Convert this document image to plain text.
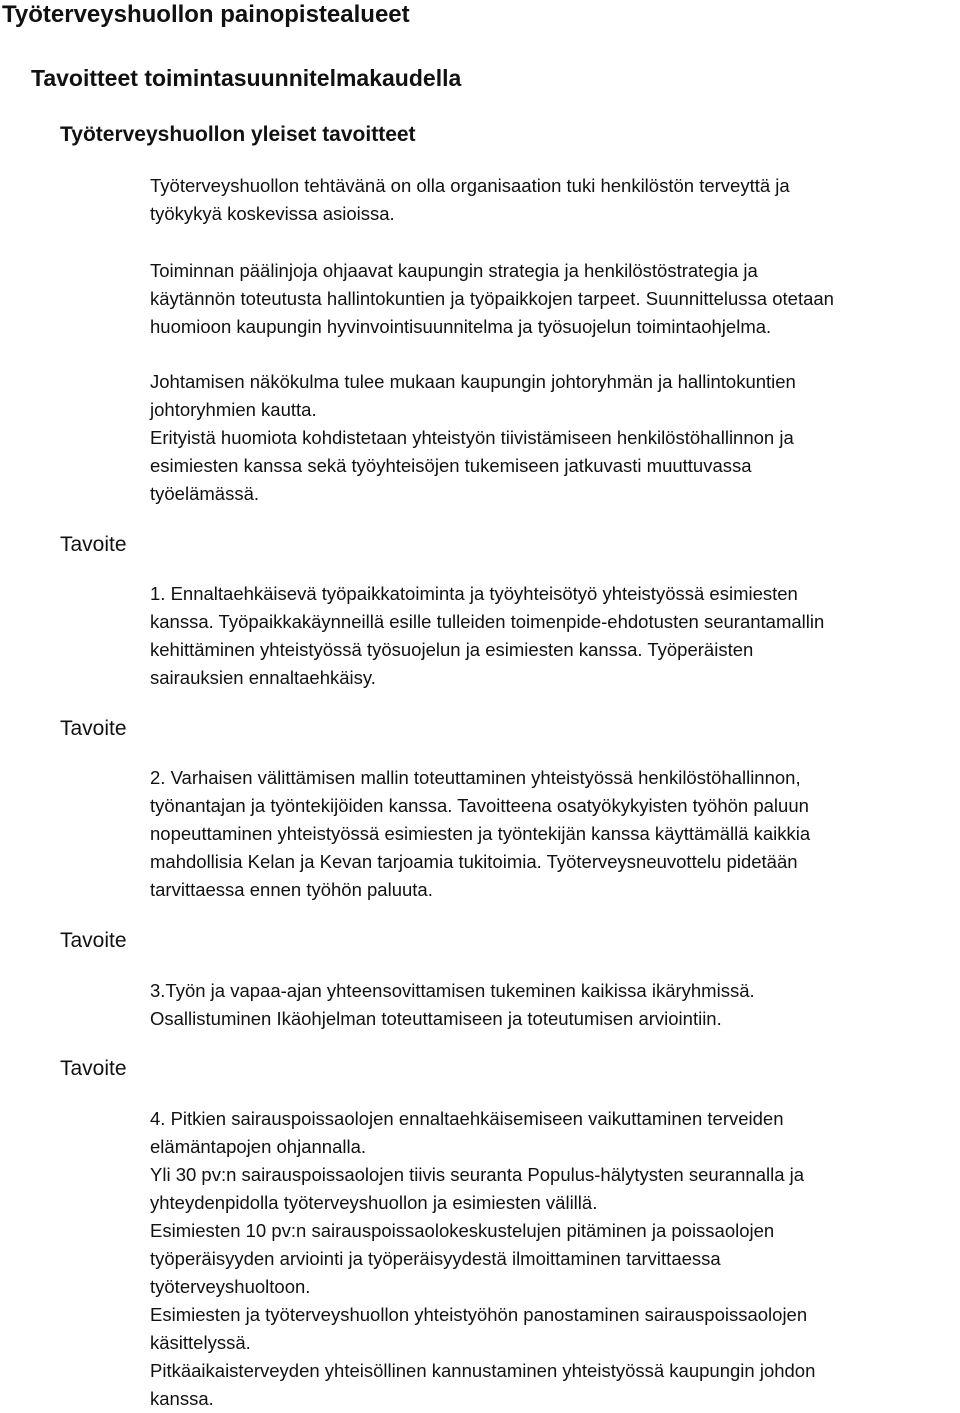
Työterveyshuollon painopistealueet
Tavoitteet toimintasuunnitelmakaudella
Työterveyshuollon yleiset tavoitteet
Tavoite
Tavoite
Tavoite
Tavoite

Työterveyshuollon tehtävänä on olla organisaation tuki henkilöstön terveyttä ja
työkykyä koskevissa asioissa.

Toiminnan päälinjoja ohjaavat kaupungin strategia ja henkilöstöstrategia ja
käytännön toteutusta hallintokuntien ja työpaikkojen tarpeet. Suunnittelussa otetaan
huomioon kaupungin hyvinvointisuunnitelma ja työsuojelun toimintaohjelma.

Johtamisen näkökulma tulee mukaan kaupungin johtoryhmän ja hallintokuntien
johtoryhmien kautta.
Erityistä huomiota kohdistetaan yhteistyön tiivistämiseen henkilöstöhallinnon ja
esimiesten kanssa sekä työyhteisöjen tukemiseen jatkuvasti muuttuvassa
työelämässä.

1. Ennaltaehkäisevä työpaikkatoiminta ja työyhteisötyö yhteistyössä esimiesten
kanssa. Työpaikkakäynneillä esille tulleiden toimenpide-ehdotusten seurantamallin
kehittäminen yhteistyössä työsuojelun ja esimiesten kanssa. Työperäisten
sairauksien ennaltaehkäisy.

2. Varhaisen välittämisen mallin toteuttaminen yhteistyössä henkilöstöhallinnon,
työnantajan ja työntekijöiden kanssa. Tavoitteena osatyökykyisten työhön paluun
nopeuttaminen yhteistyössä esimiesten ja työntekijän kanssa käyttämällä kaikkia
mahdollisia Kelan ja Kevan tarjoamia tukitoimia. Työterveysneuvottelu pidetään
tarvittaessa ennen työhön paluuta.

3.Työn ja vapaa-ajan yhteensovittamisen tukeminen kaikissa ikäryhmissä.
Osallistuminen Ikäohjelman toteuttamiseen ja toteutumisen arviointiin.

4. Pitkien sairauspoissaolojen ennaltaehkäisemiseen vaikuttaminen terveiden
elämäntapojen ohjannalla.
Yli 30 pv:n sairauspoissaolojen tiivis seuranta Populus-hälytysten seurannalla ja
yhteydenpidolla työterveyshuollon ja esimiesten välillä.
Esimiesten 10 pv:n sairauspoissaolokeskustelujen pitäminen ja poissaolojen
työperäisyyden arviointi ja työperäisyydestä ilmoittaminen tarvittaessa
työterveyshuoltoon.
Esimiesten ja työterveyshuollon yhteistyöhön panostaminen sairauspoissaolojen
käsittelyssä.
Pitkäaikaisterveyden yhteisöllinen kannustaminen yhteistyössä kaupungin johdon
kanssa.
